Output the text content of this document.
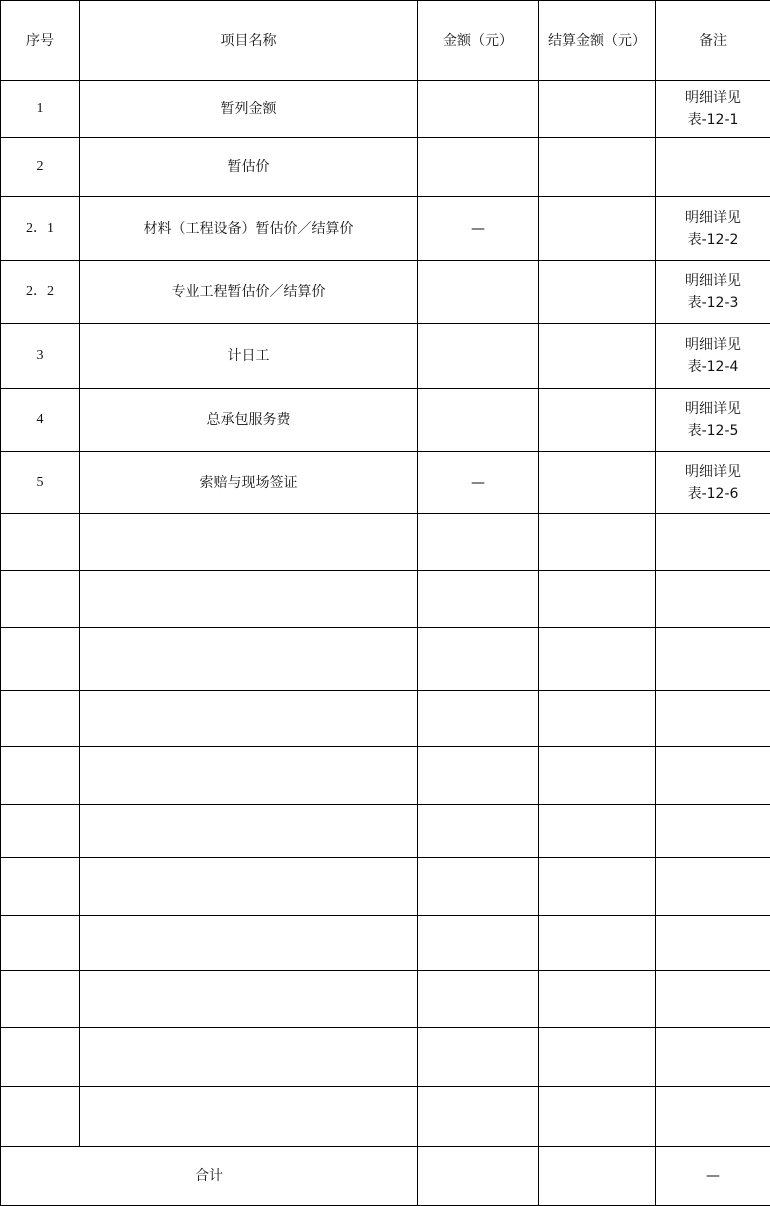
序号	项目名称	金额（元）	结算金额（元）	备注
1	暂列金额			明细详见
表-12-1

2	暂估价			

2．1	材料（工程设备）暂估价／结算价	—		明细详见
表-12-2

2．2	专业工程暂估价／结算价			明细详见
表-12-3

3	计日工			明细详见
表-12-4

4	总承包服务费			明细详见
表-12-5

5	索赔与现场签证	—		明细详见
表-12-6

合计				—
